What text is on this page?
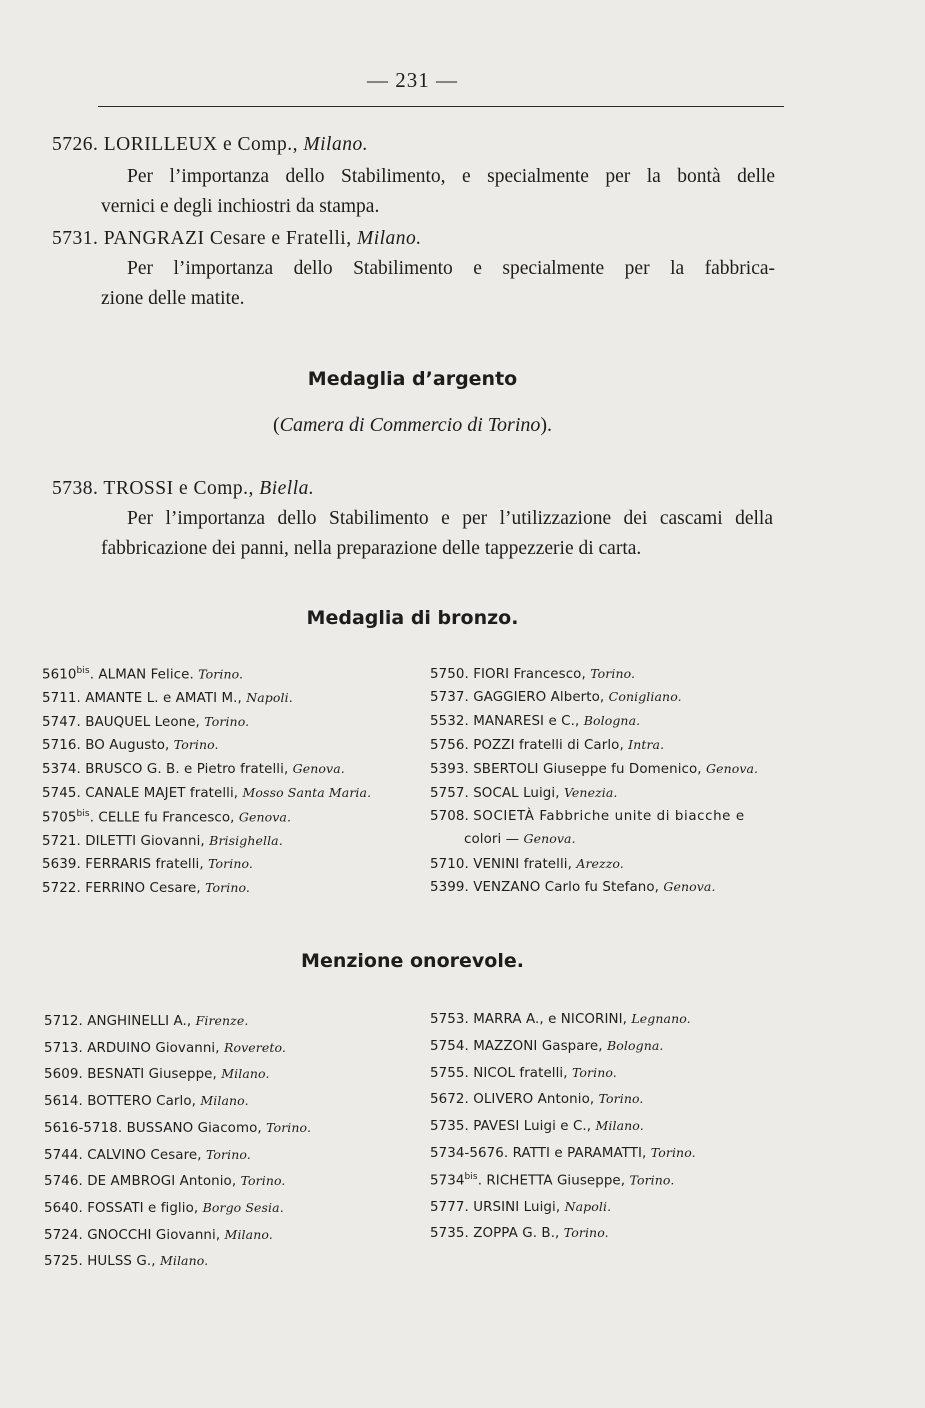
— 231 —
5726. LORILLEUX e Comp., Milano.
Per l’importanza dello Stabilimento, e specialmente per la bontà delle
vernici e degli inchiostri da stampa.
5731. PANGRAZI Cesare e Fratelli, Milano.
Per l’importanza dello Stabilimento e specialmente per la fabbrica-
zione delle matite.
Medaglia d’argento
(Camera di Commercio di Torino).
5738. TROSSI e Comp., Biella.
Per l’importanza dello Stabilimento e per l’utilizzazione dei cascami della
fabbricazione dei panni, nella preparazione delle tappezzerie di carta.
Medaglia di bronzo.
$5610^{bis}$. ALMAN Felice. Torino.
5711. AMANTE L. e AMATI M., Napoli.
5747. BAUQUEL Leone, Torino.
5716. BO Augusto, Torino.
5374. BRUSCO G. B. e Pietro fratelli, Genova.
5745. CANALE MAJET fratelli, Mosso Santa Maria.
$5705^{bis}$. CELLE fu Francesco, Genova.
5721. DILETTI Giovanni, Brisighella.
5639. FERRARIS fratelli, Torino.
5722. FERRINO Cesare, Torino.
5750. FIORI Francesco, Torino.
5737. GAGGIERO Alberto, Conigliano.
5532. MANARESI e C., Bologna.
5756. POZZI fratelli di Carlo, Intra.
5393. SBERTOLI Giuseppe fu Domenico, Genova.
5757. SOCAL Luigi, Venezia.
5708. SOCIETÀ Fabbriche unite di biacche e
colori — Genova.
5710. VENINI fratelli, Arezzo.
5399. VENZANO Carlo fu Stefano, Genova.
Menzione onorevole.
5712. ANGHINELLI A., Firenze.
5713. ARDUINO Giovanni, Rovereto.
5609. BESNATI Giuseppe, Milano.
5614. BOTTERO Carlo, Milano.
5616-5718. BUSSANO Giacomo, Torino.
5744. CALVINO Cesare, Torino.
5746. DE AMBROGI Antonio, Torino.
5640. FOSSATI e figlio, Borgo Sesia.
5724. GNOCCHI Giovanni, Milano.
5725. HULSS G., Milano.
5753. MARRA A., e NICORINI, Legnano.
5754. MAZZONI Gaspare, Bologna.
5755. NICOL fratelli, Torino.
5672. OLIVERO Antonio, Torino.
5735. PAVESI Luigi e C., Milano.
5734-5676. RATTI e PARAMATTI, Torino.
$5734^{bis}$. RICHETTA Giuseppe, Torino.
5777. URSINI Luigi, Napoli.
5735. ZOPPA G. B., Torino.
